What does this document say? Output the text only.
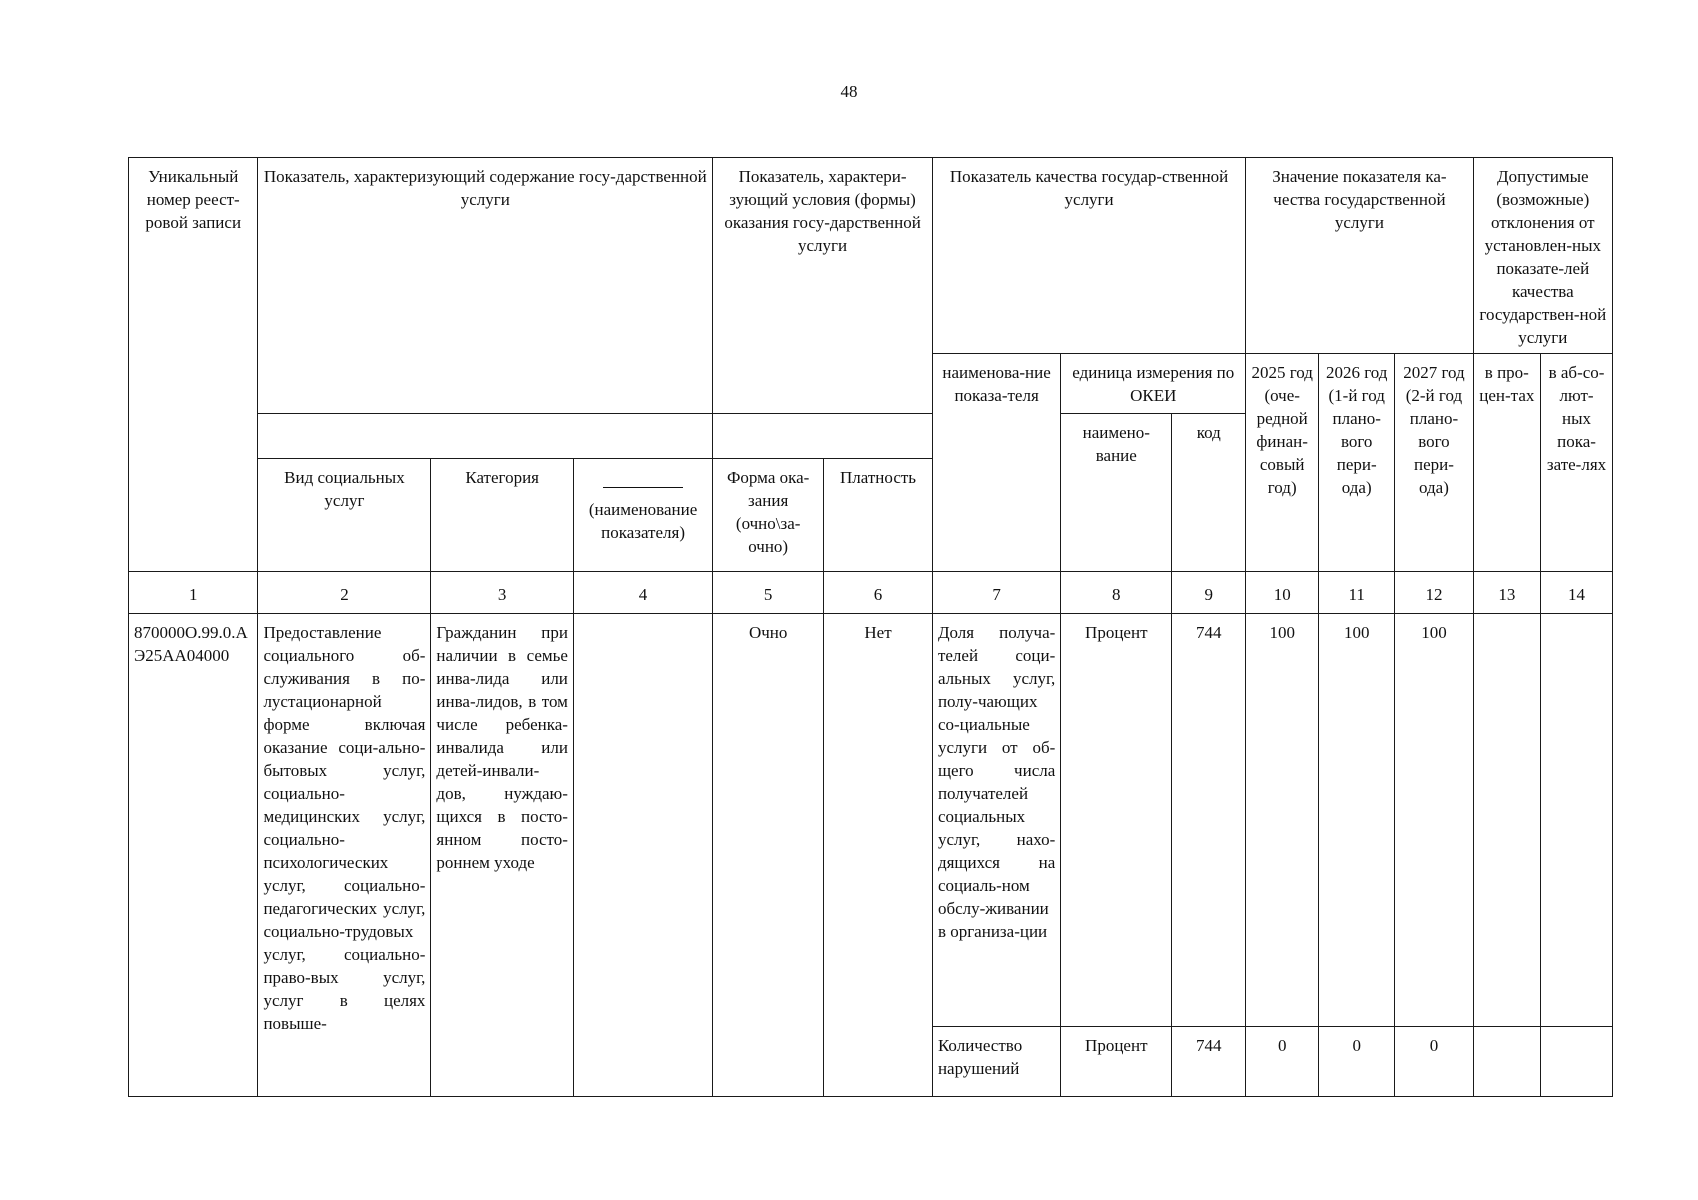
48
Уникальный номер реест-ровой записи	Показатель, характеризующий содержание госу-дарственной услуги			Показатель, характери-зующий условия (формы) оказания госу-дарственной услуги		Показатель качества государ-ственной услуги			Значение показателя ка-чества государственной услуги			Допустимые (возможные) отклонения от установлен-ных показате-лей качества государствен-ной услуги	
						наименова-ние показа-теля	единица измерения по ОКЕИ		2025 год (оче-редной финан-совый год)	2026 год (1-й год плано-вого пери-ода)	2027 год (2-й год плано-вого пери-ода)	в про-цен-тах	в аб-со-лют-ных пока-зате-лях
							наимено-вание	код					
	Вид социальных услуг	Категория	(наименование показателя)	Форма ока-зания (очно\за-очно)	Платность								
1	2	3	4	5	6	7	8	9	10	11	12	13	14
870000О.99.0.АЭ25АА04000	Предоставление социального об-служивания в по-лустационарной форме включая оказание соци-ально-бытовых услуг, социально-медицинских услуг, социально-психологических услуг, социально-педагогических услуг, социально-трудовых услуг, социально-право-вых услуг, услуг в целях повыше-	Гражданин при наличии в семье инва-лида или инва-лидов, в том числе ребенка-инвалида или детей-инвали-дов, нуждаю-щихся в посто-янном посто-роннем уходе		Очно	Нет	Доля получа-телей соци-альных услуг, полу-чающих со-циальные услуги от об-щего числа получателей социальных услуг, нахо-дящихся на социаль-ном обслу-живании в организа-ции	Процент	744	100	100	100		
						Количество нарушений	Процент	744	0	0	0		
